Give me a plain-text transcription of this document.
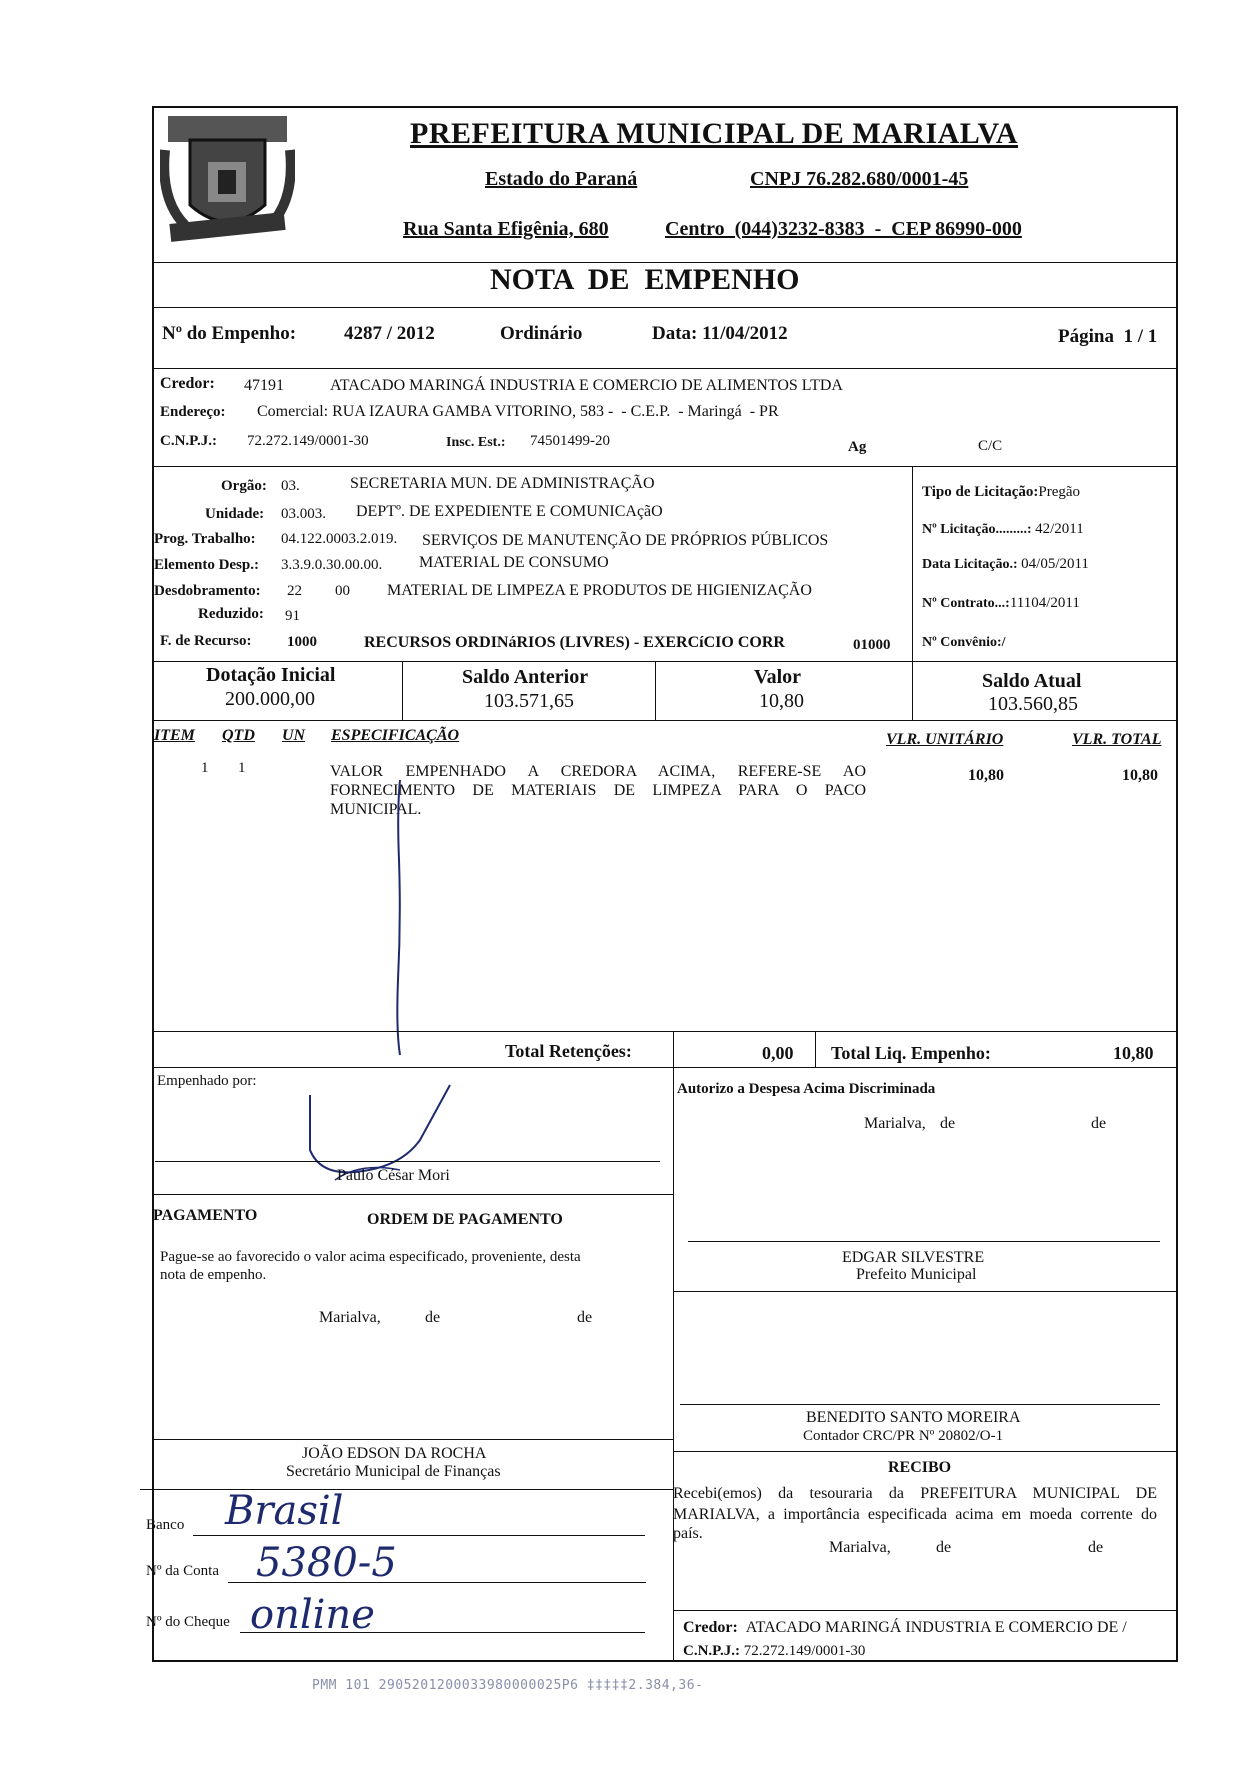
PREFEITURA MUNICIPAL DE MARIALVA
Estado do Paraná	CNPJ 76.282.680/0001-45
Rua Santa Efigênia, 680	Centro  (044)3232-8383  -  CEP 86990-000
NOTA  DE  EMPENHO
Nº do Empenho:	4287 / 2012	Ordinário	Data: 11/04/2012	Página  1 / 1
Credor: 47191	ATACADO MARINGÁ INDUSTRIA E COMERCIO DE ALIMENTOS LTDA
Endereço: Comercial: RUA IZAURA GAMBA VITORINO, 583 -  - C.E.P.  - Maringá  - PR
C.N.P.J.: 72.272.149/0001-30	Insc. Est.: 74501499-20	Ag	C/C
Orgão: 03.	SECRETARIA MUN. DE ADMINISTRAÇÃO
Unidade: 03.003. DEPTº. DE EXPEDIENTE E COMUNICAçãO
Prog. Trabalho: 04.122.0003.2.019. SERVIÇOS DE MANUTENÇÃO DE PRÓPRIOS PÚBLICOS
Elemento Desp.: 3.3.9.0.30.00.00. MATERIAL DE CONSUMO
Desdobramento: 22 00 MATERIAL DE LIMPEZA E PRODUTOS DE HIGIENIZAÇÃO
Reduzido: 91
F. de Recurso: 1000	RECURSOS ORDINáRIOS (LIVRES) - EXERCíCIO CORR	01000
Tipo de Licitação:Pregão
Nº Licitação.........: 42/2011
Data Licitação.: 04/05/2011
Nº Contrato...:11104/2011
Nº Convênio:/
Dotação Inicial
200.000,00
Saldo Anterior
103.571,65
Valor
10,80
Saldo Atual
103.560,85
ITEM QTD UN ESPECIFICAÇÃO	VLR. UNITÁRIO	VLR. TOTAL
1 1	VALOR EMPENHADO A CREDORA ACIMA, REFERE-SE AO
FORNECIMENTO DE MATERIAIS DE LIMPEZA PARA O PACO
MUNICIPAL.
10,80	10,80
Total Retenções:	0,00 Total Liq. Empenho:	10,80
Empenhado por:
Paulo César Mori
Autorizo a Despesa Acima Discriminada
Marialva, de	de
PAGAMENTO	ORDEM DE PAGAMENTO
Pague-se ao favorecido o valor acima especificado, proveniente, desta
nota de empenho.
Marialva,	de	de
EDGAR SILVESTRE
Prefeito Municipal
BENEDITO SANTO MOREIRA
Contador CRC/PR Nº 20802/O-1
JOÃO EDSON DA ROCHA
Secretário Municipal de Finanças	RECIBO
Recebi(emos) da tesouraria da PREFEITURA MUNICIPAL DE
MARIALVA, a importância especificada acima em moeda corrente do
país.
Marialva,	de	de
Credor: ATACADO MARINGÁ INDUSTRIA E COMERCIO DE /
C.N.P.J.: 72.272.149/0001-30
Banco Brasil
Nº da Conta 5380-5
Nº do Cheque online
PMM 101 2905201200033980000025P6 ‡‡‡‡‡2.384,36-
